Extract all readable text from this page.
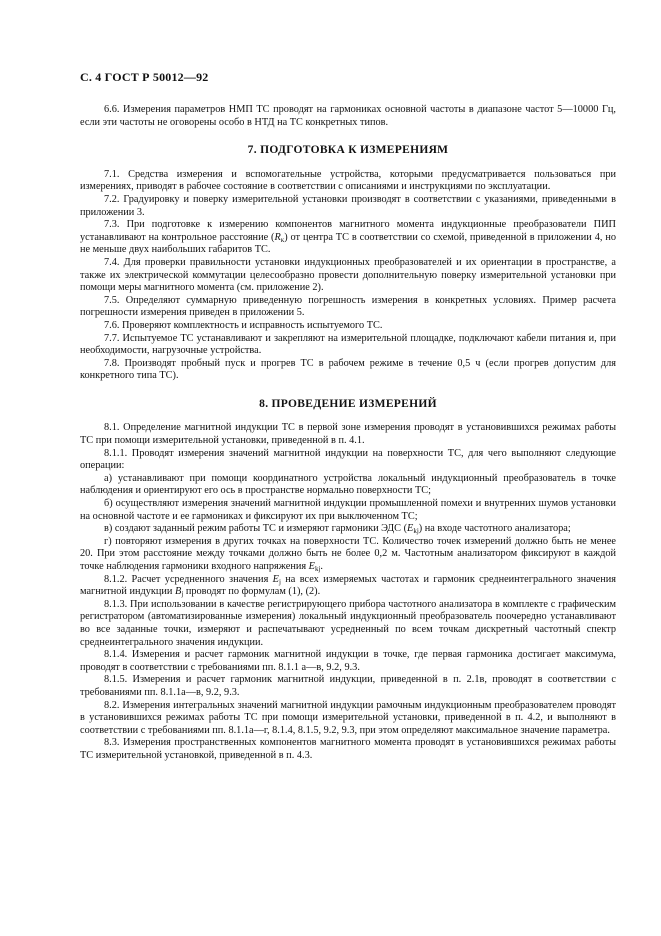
С. 4 ГОСТ Р 50012—92

6.6. Измерения параметров НМП ТС проводят на гармониках основной частоты в диапазоне частот 5—10000 Гц, если эти частоты не оговорены особо в НТД на ТС конкретных типов.

7. ПОДГОТОВКА К ИЗМЕРЕНИЯМ

7.1. Средства измерения и вспомогательные устройства, которыми предусматривается пользоваться при измерениях, приводят в рабочее состояние в соответствии с описаниями и инструкциями по эксплуатации.

7.2. Градуировку и поверку измерительной установки производят в соответствии с указаниями, приведенными в приложении 3.

7.3. При подготовке к измерению компонентов магнитного момента индукционные преобразователи ПИП устанавливают на контрольное расстояние $(R_к)$ от центра ТС в соответствии со схемой, приведенной в приложении 4, но не меньше двух наибольших габаритов ТС.

7.4. Для проверки правильности установки индукционных преобразователей и их ориентации в пространстве, а также их электрической коммутации целесообразно провести дополнительную поверку измерительной установки при помощи меры магнитного момента (см. приложение 2).

7.5. Определяют суммарную приведенную погрешность измерения в конкретных условиях. Пример расчета погрешности измерения приведен в приложении 5.

7.6. Проверяют комплектность и исправность испытуемого ТС.

7.7. Испытуемое ТС устанавливают и закрепляют на измерительной площадке, подключают кабели питания и, при необходимости, нагрузочные устройства.

7.8. Производят пробный пуск и прогрев ТС в рабочем режиме в течение 0,5 ч (если прогрев допустим для конкретного типа ТС).

8. ПРОВЕДЕНИЕ ИЗМЕРЕНИЙ

8.1. Определение магнитной индукции ТС в первой зоне измерения проводят в установившихся режимах работы ТС при помощи измерительной установки, приведенной в п. 4.1.

8.1.1. Проводят измерения значений магнитной индукции на поверхности ТС, для чего выполняют следующие операции:

а) устанавливают при помощи координатного устройства локальный индукционный преобразователь в точке наблюдения и ориентируют его ось в пространстве нормально поверхности ТС;

б) осуществляют измерения значений магнитной индукции промышленной помехи и внутренних шумов установки на основной частоте и ее гармониках и фиксируют их при выключенном ТС;

в) создают заданный режим работы ТС и измеряют гармоники ЭДС $(E_{kj})$ на входе частотного анализатора;

г) повторяют измерения в других точках на поверхности ТС. Количество точек измерений должно быть не менее 20. При этом расстояние между точками должно быть не более 0,2 м. Частотным анализатором фиксируют в каждой точке наблюдения гармоники входного напряжения $E_{kj}$.

8.1.2. Расчет усредненного значения $E_j$ на всех измеряемых частотах и гармоник среднеинтегрального значения магнитной индукции $B_j$ проводят по формулам (1), (2).

8.1.3. При использовании в качестве регистрирующего прибора частотного анализатора в комплекте с графическим регистратором (автоматизированные измерения) локальный индукционный преобразователь поочередно устанавливают во все заданные точки, измеряют и распечатывают усредненный по всем точкам дискретный частотный спектр среднеинтегрального значения индукции.

8.1.4. Измерения и расчет гармоник магнитной индукции в точке, где первая гармоника достигает максимума, проводят в соответствии с требованиями пп. 8.1.1 а—в, 9.2, 9.3.

8.1.5. Измерения и расчет гармоник магнитной индукции, приведенной в п. 2.1в, проводят в соответствии с требованиями пп. 8.1.1а—в, 9.2, 9.3.

8.2. Измерения интегральных значений магнитной индукции рамочным индукционным преобразователем проводят в установившихся режимах работы ТС при помощи измерительной установки, приведенной в п. 4.2, и выполняют в соответствии с требованиями пп. 8.1.1а—г, 8.1.4, 8.1.5, 9.2, 9.3, при этом определяют максимальное значение параметра.

8.3. Измерения пространственных компонентов магнитного момента проводят в установившихся режимах работы ТС измерительной установкой, приведенной в п. 4.3.
